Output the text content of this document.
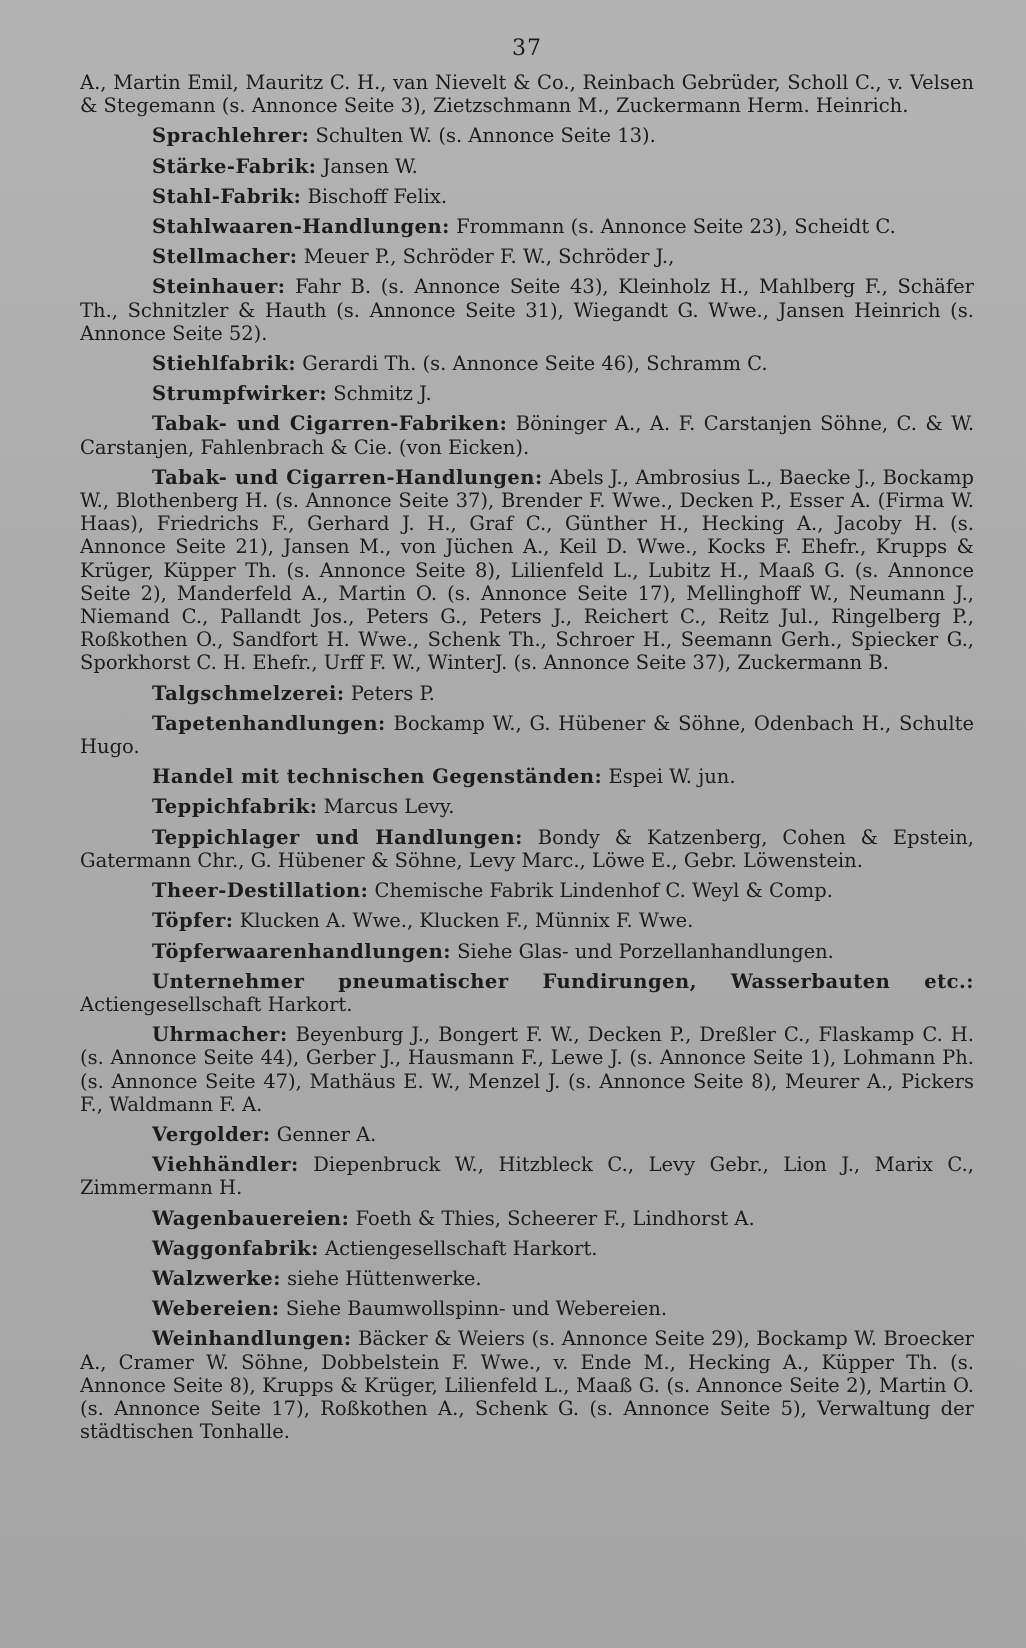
37

A., Martin Emil, Mauritz C. H., van Nievelt & Co., Reinbach Gebrüder, Scholl C., v. Velsen & Stegemann (s. Annonce Seite 3), Zietzschmann M., Zuckermann Herm. Heinrich.

Sprachlehrer: Schulten W. (s. Annonce Seite 13).

Stärke-Fabrik: Jansen W.

Stahl-Fabrik: Bischoff Felix.

Stahlwaaren-Handlungen: Frommann (s. Annonce Seite 23), Scheidt C.

Stellmacher: Meuer P., Schröder F. W., Schröder J.,

Steinhauer: Fahr B. (s. Annonce Seite 43), Kleinholz H., Mahlberg F., Schäfer Th., Schnitzler & Hauth (s. Annonce Seite 31), Wiegandt G. Wwe., Jansen Heinrich (s. Annonce Seite 52).

Stiehlfabrik: Gerardi Th. (s. Annonce Seite 46), Schramm C.

Strumpfwirker: Schmitz J.

Tabak- und Cigarren-Fabriken: Böninger A., A. F. Carstanjen Söhne, C. & W. Carstanjen, Fahlenbrach & Cie. (von Eicken).

Tabak- und Cigarren-Handlungen: Abels J., Ambrosius L., Baecke J., Bockamp W., Blothenberg H. (s. Annonce Seite 37), Brender F. Wwe., Decken P., Esser A. (Firma W. Haas), Friedrichs F., Gerhard J. H., Graf C., Günther H., Hecking A., Jacoby H. (s. Annonce Seite 21), Jansen M., von Jüchen A., Keil D. Wwe., Kocks F. Ehefr., Krupps & Krüger, Küpper Th. (s. Annonce Seite 8), Lilienfeld L., Lubitz H., Maaß G. (s. Annonce Seite 2), Manderfeld A., Martin O. (s. Annonce Seite 17), Mellinghoff W., Neumann J., Niemand C., Pallandt Jos., Peters G., Peters J., Reichert C., Reitz Jul., Ringelberg P., Roßkothen O., Sandfort H. Wwe., Schenk Th., Schroer H., Seemann Gerh., Spiecker G., Sporkhorst C. H. Ehefr., Urff F. W., WinterJ. (s. Annonce Seite 37), Zuckermann B.

Talgschmelzerei: Peters P.

Tapetenhandlungen: Bockamp W., G. Hübener & Söhne, Odenbach H., Schulte Hugo.

Handel mit technischen Gegenständen: Espei W. jun.

Teppichfabrik: Marcus Levy.

Teppichlager und Handlungen: Bondy & Katzenberg, Cohen & Epstein, Gatermann Chr., G. Hübener & Söhne, Levy Marc., Löwe E., Gebr. Löwenstein.

Theer-Destillation: Chemische Fabrik Lindenhof C. Weyl & Comp.

Töpfer: Klucken A. Wwe., Klucken F., Münnix F. Wwe.

Töpferwaarenhandlungen: Siehe Glas- und Porzellanhandlungen.

Unternehmer pneumatischer Fundirungen, Wasserbauten etc.: Actiengesellschaft Harkort.

Uhrmacher: Beyenburg J., Bongert F. W., Decken P., Dreßler C., Flaskamp C. H. (s. Annonce Seite 44), Gerber J., Hausmann F., Lewe J. (s. Annonce Seite 1), Lohmann Ph. (s. Annonce Seite 47), Mathäus E. W., Menzel J. (s. Annonce Seite 8), Meurer A., Pickers F., Waldmann F. A.

Vergolder: Genner A.

Viehhändler: Diepenbruck W., Hitzbleck C., Levy Gebr., Lion J., Marix C., Zimmermann H.

Wagenbauereien: Foeth & Thies, Scheerer F., Lindhorst A.

Waggonfabrik: Actiengesellschaft Harkort.

Walzwerke: siehe Hüttenwerke.

Webereien: Siehe Baumwollspinn- und Webereien.

Weinhandlungen: Bäcker & Weiers (s. Annonce Seite 29), Bockamp W. Broecker A., Cramer W. Söhne, Dobbelstein F. Wwe., v. Ende M., Hecking A., Küpper Th. (s. Annonce Seite 8), Krupps & Krüger, Lilienfeld L., Maaß G. (s. Annonce Seite 2), Martin O. (s. Annonce Seite 17), Roßkothen A., Schenk G. (s. Annonce Seite 5), Verwaltung der städtischen Tonhalle.
